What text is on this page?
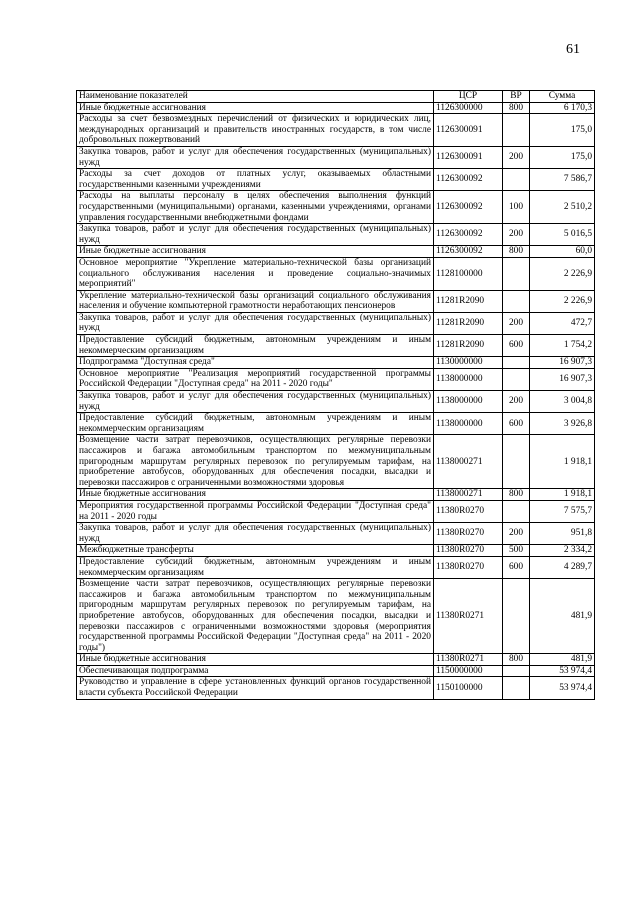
61
Наименование показателей	ЦСР	ВР	Сумма
Иные бюджетные ассигнования	1126300000	800	6 170,3
Расходы за счет безвозмездных перечислений от физических и юридических лиц, международных организаций и правительств иностранных государств, в том числе добровольных пожертвований	1126300091		175,0
Закупка товаров, работ и услуг для обеспечения государственных (муниципальных) нужд	1126300091	200	175,0
Расходы за счет доходов от платных услуг, оказываемых областными государственными казенными учреждениями	1126300092		7 586,7
Расходы на выплаты персоналу в целях обеспечения выполнения функций государственными (муниципальными) органами, казенными учреждениями, органами управления государственными внебюджетными фондами	1126300092	100	2 510,2
Закупка товаров, работ и услуг для обеспечения государственных (муниципальных) нужд	1126300092	200	5 016,5
Иные бюджетные ассигнования	1126300092	800	60,0
Основное мероприятие "Укрепление материально-технической базы организаций социального обслуживания населения и проведение социально-значимых мероприятий"	1128100000		2 226,9
Укрепление материально-технической базы организаций социального обслуживания населения и обучение компьютерной грамотности неработающих пенсионеров	11281R2090		2 226,9
Закупка товаров, работ и услуг для обеспечения государственных (муниципальных) нужд	11281R2090	200	472,7
Предоставление субсидий бюджетным, автономным учреждениям и иным некоммерческим организациям	11281R2090	600	1 754,2
Подпрограмма "Доступная среда"	1130000000		16 907,3
Основное мероприятие "Реализация мероприятий государственной программы Российской Федерации "Доступная среда" на 2011 - 2020 годы"	1138000000		16 907,3
Закупка товаров, работ и услуг для обеспечения государственных (муниципальных) нужд	1138000000	200	3 004,8
Предоставление субсидий бюджетным, автономным учреждениям и иным некоммерческим организациям	1138000000	600	3 926,8
Возмещение части затрат перевозчиков, осуществляющих регулярные перевозки пассажиров и багажа автомобильным транспортом по межмуниципальным пригородным маршрутам регулярных перевозок по регулируемым тарифам, на приобретение автобусов, оборудованных для обеспечения посадки, высадки и перевозки пассажиров с ограниченными возможностями здоровья	1138000271		1 918,1
Иные бюджетные ассигнования	1138000271	800	1 918,1
Мероприятия государственной программы Российской Федерации "Доступная среда" на 2011 - 2020 годы	11380R0270		7 575,7
Закупка товаров, работ и услуг для обеспечения государственных (муниципальных) нужд	11380R0270	200	951,8
Межбюджетные трансферты	11380R0270	500	2 334,2
Предоставление субсидий бюджетным, автономным учреждениям и иным некоммерческим организациям	11380R0270	600	4 289,7
Возмещение части затрат перевозчиков, осуществляющих регулярные перевозки пассажиров и багажа автомобильным транспортом по межмуниципальным пригородным маршрутам регулярных перевозок по регулируемым тарифам, на приобретение автобусов, оборудованных для обеспечения посадки, высадки и перевозки пассажиров с ограниченными возможностями здоровья (мероприятия государственной программы Российской Федерации "Доступная среда" на 2011 - 2020 годы")	11380R0271		481,9
Иные бюджетные ассигнования	11380R0271	800	481,9
Обеспечивающая подпрограмма	1150000000		53 974,4
Руководство и управление в сфере установленных функций органов государственной власти субъекта Российской Федерации	1150100000		53 974,4
